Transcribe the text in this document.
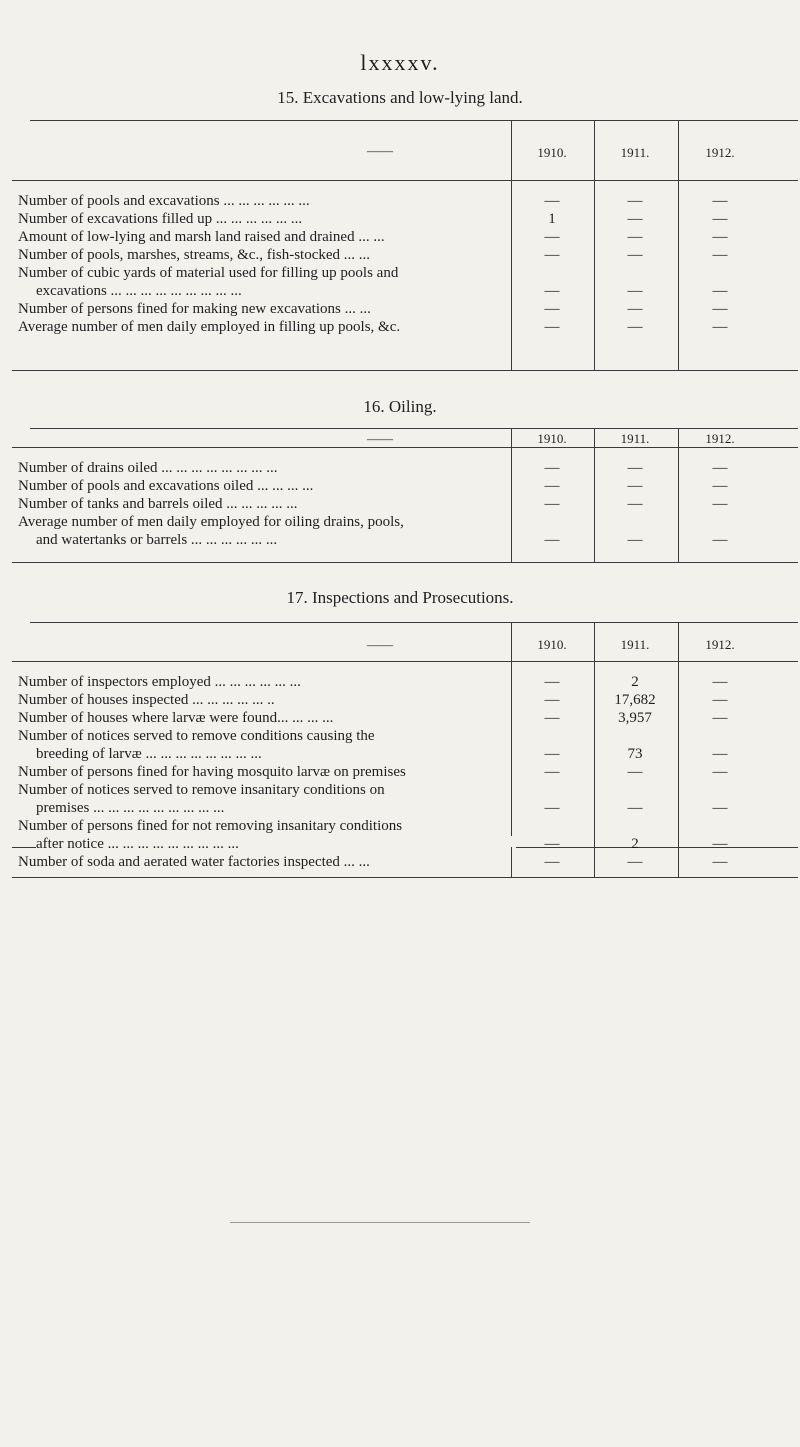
lxxxxv.
15. Excavations and low-lying land.
——	1910.	1911.	1912.
Number of pools and excavations ... ... ... ... ... ...	—	—	—
Number of excavations filled up ... ... ... ... ... ...	1	—	—
Amount of low-lying and marsh land raised and drained ... ...	—	—	—
Number of pools, marshes, streams, &c., fish-stocked ... ...	—	—	—
Number of cubic yards of material used for filling up pools and
excavations ... ... ... ... ... ... ... ... ...	—	—	—
Number of persons fined for making new excavations ... ...	—	—	—
Average number of men daily employed in filling up pools, &c.	—	—	—
16. Oiling.
——	1910.	1911.	1912.
Number of drains oiled ... ... ... ... ... ... ... ...	—	—	—
Number of pools and excavations oiled ... ... ... ...	—	—	—
Number of tanks and barrels oiled ... ... ... ... ...	—	—	—
Average number of men daily employed for oiling drains, pools,
and watertanks or barrels ... ... ... ... ... ...	—	—	—
17. Inspections and Prosecutions.
——	1910.	1911.	1912.
Number of inspectors employed ... ... ... ... ... ...	—	2	—
Number of houses inspected ... ... ... ... ... ..	—	17,682	—
Number of houses where larvæ were found... ... ... ...	—	3,957	—
Number of notices served to remove conditions causing the
breeding of larvæ ... ... ... ... ... ... ... ...	—	73	—
Number of persons fined for having mosquito larvæ on premises	—	—	—
Number of notices served to remove insanitary conditions on
premises ... ... ... ... ... ... ... ... ...	—	—	—
Number of persons fined for not removing insanitary conditions
after notice ... ... ... ... ... ... ... ... ...	—	2	—
Number of soda and aerated water factories inspected ... ...	—	—	—
